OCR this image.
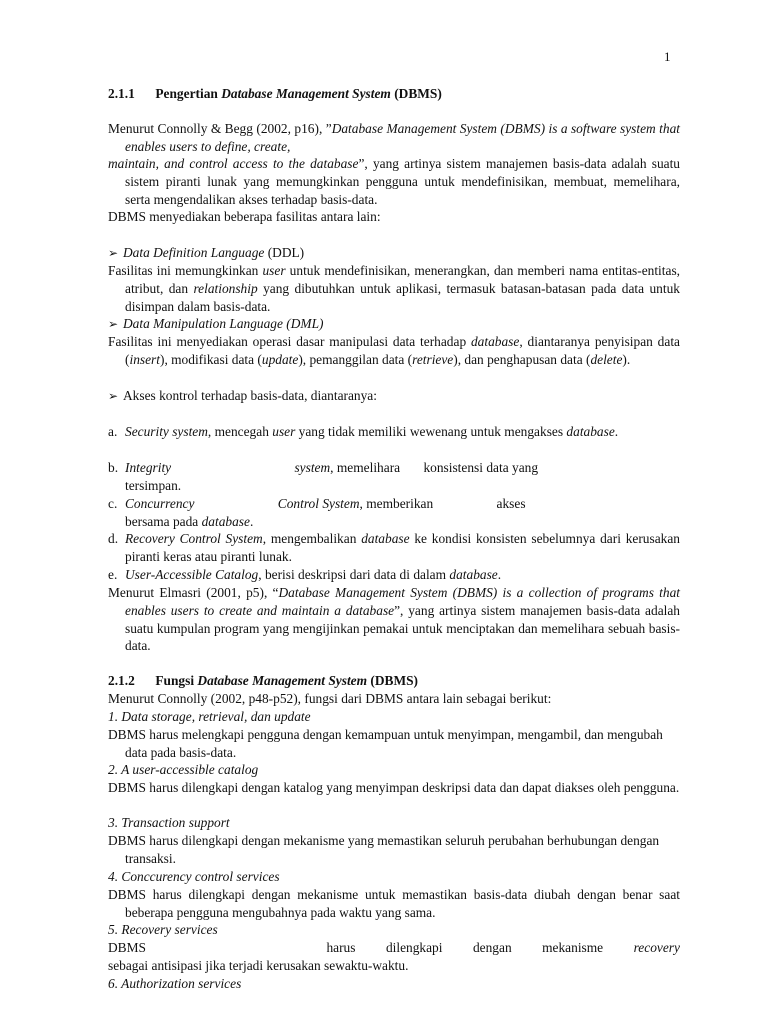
1
2.1.1 Pengertian Database Management System (DBMS)
Menurut Connolly & Begg (2002, p16), ”Database Management System (DBMS) is a software system that enables users to define, create,
maintain, and control access to the database”, yang artinya sistem manajemen basis-data adalah suatu sistem piranti lunak yang memungkinkan pengguna untuk mendefinisikan, membuat, memelihara, serta mengendalikan akses terhadap basis-data.
DBMS menyediakan beberapa fasilitas antara lain:
➢ Data Definition Language (DDL)
Fasilitas ini memungkinkan user untuk mendefinisikan, menerangkan, dan memberi nama entitas-entitas, atribut, dan relationship yang dibutuhkan untuk aplikasi, termasuk batasan-batasan pada data untuk disimpan dalam basis-data.
➢ Data Manipulation Language (DML)
Fasilitas ini menyediakan operasi dasar manipulasi data terhadap database, diantaranya penyisipan data (insert), modifikasi data (update), pemanggilan data (retrieve), dan penghapusan data (delete).
➢ Akses kontrol terhadap basis-data, diantaranya:
a. Security system, mencegah user yang tidak memiliki wewenang untuk mengakses database.
b. Integrity	system, memelihara konsistensi data yang
tersimpan.
c. Concurrency	Control System, memberikan	akses
bersama pada database.
d. Recovery Control System, mengembalikan database ke kondisi konsisten sebelumnya dari kerusakan piranti keras atau piranti lunak.
e. User-Accessible Catalog, berisi deskripsi dari data di dalam database.
Menurut Elmasri (2001, p5), “Database Management System (DBMS) is a collection of programs that enables users to create and maintain a database”, yang artinya sistem manajemen basis-data adalah suatu kumpulan program yang mengijinkan pemakai untuk menciptakan dan memelihara sebuah basis-data.
2.1.2 Fungsi Database Management System (DBMS)
Menurut Connolly (2002, p48-p52), fungsi dari DBMS antara lain sebagai berikut:
1. Data storage, retrieval, dan update
DBMS harus melengkapi pengguna dengan kemampuan untuk menyimpan, mengambil, dan mengubah data pada basis-data.
2. A user-accessible catalog
DBMS harus dilengkapi dengan katalog yang menyimpan deskripsi data dan dapat diakses oleh pengguna.
3. Transaction support
DBMS harus dilengkapi dengan mekanisme yang memastikan seluruh perubahan berhubungan dengan transaksi.
4. Conccurency control services
DBMS harus dilengkapi dengan mekanisme untuk memastikan basis-data diubah dengan benar saat beberapa pengguna mengubahnya pada waktu yang sama.
5. Recovery services
DBMS	harus dilengkapi dengan mekanisme recovery
sebagai antisipasi jika terjadi kerusakan sewaktu-waktu.
6. Authorization services
